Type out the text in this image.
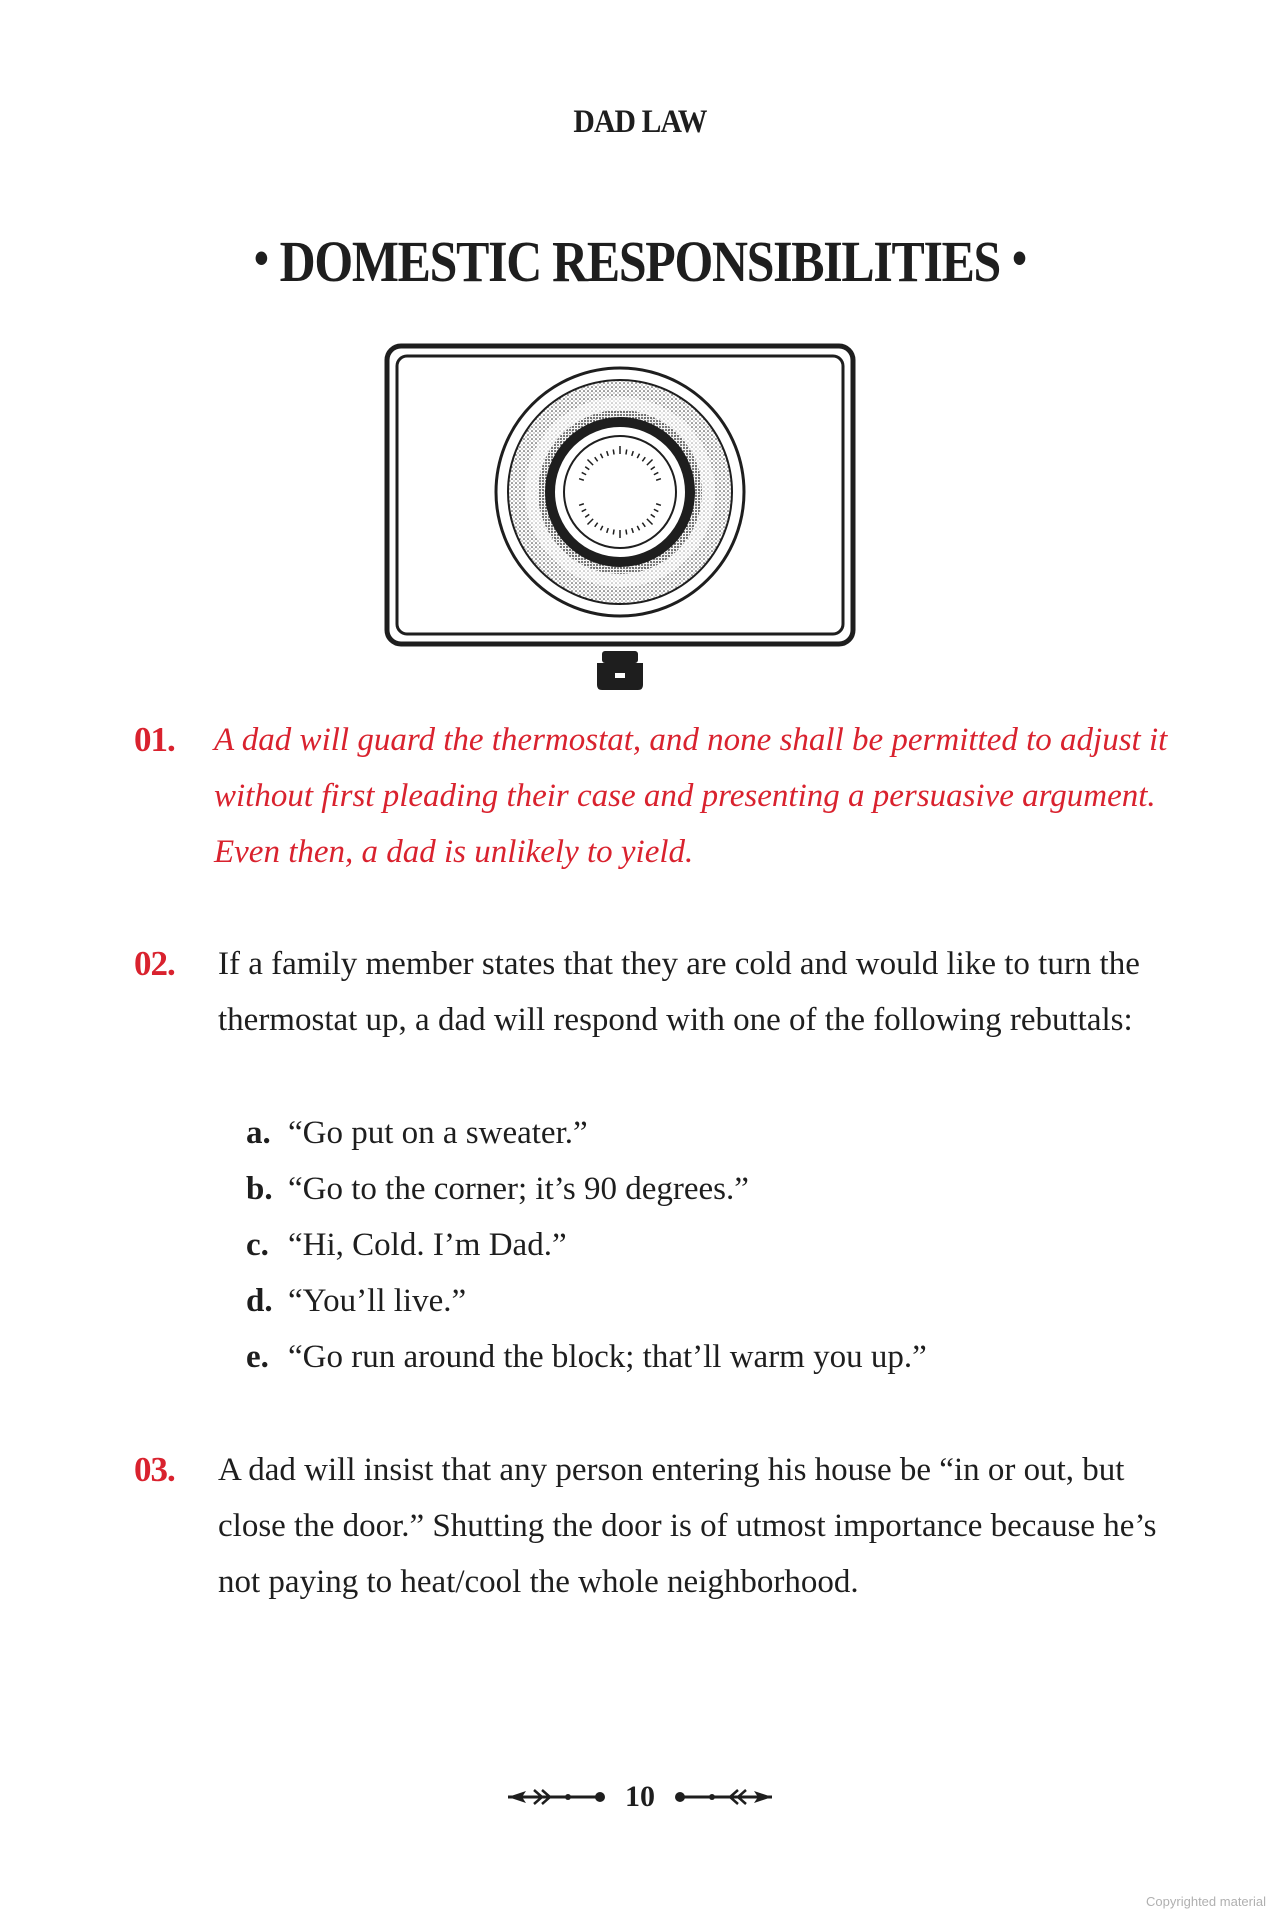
DAD LAW
• DOMESTIC RESPONSIBILITIES •
01. A dad will guard the thermostat, and none shall be permitted to adjust it without first pleading their case and presenting a persuasive argument. Even then, a dad is unlikely to yield.
02. If a family member states that they are cold and would like to turn the thermostat up, a dad will respond with one of the following rebuttals:
a. “Go put on a sweater.”
b. “Go to the corner; it’s 90 degrees.”
c. “Hi, Cold. I’m Dad.”
d. “You’ll live.”
e. “Go run around the block; that’ll warm you up.”
03. A dad will insist that any person entering his house be “in or out, but close the door.” Shutting the door is of utmost importance because he’s not paying to heat/cool the whole neighborhood.
10
Copyrighted material
